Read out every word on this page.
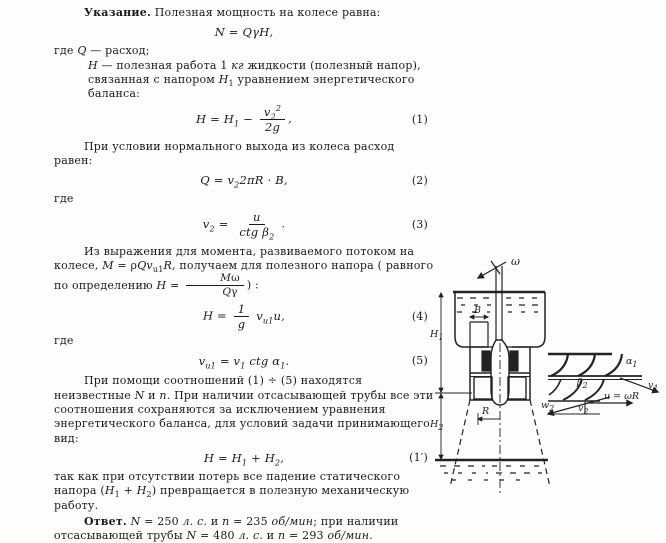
Указание. Полезная мощность на колесе равна:

N = QγH,

где Q — расход;

H — полезная работа 1 кг жидкости (полезный напор), связанная с напором $H_1$ уравнением энергетического баланса:

$H = H_1 - \frac{v_2^2}{2g}$ ,	(1)

При условии нормального выхода из колеса расход равен:

$Q = v_22\pi R \cdot B$,	(2)

где

$v_2 = \frac{u}{ctg \beta_2}$ .	(3)

Из выражения для момента, развиваемого потоком на колесе, M = ρQv$_{u1}$R, получаем для полезного напора ( равного по определению $H = \frac{M\omega}{Q\gamma}$ ) :

$H = \frac{1}{g} v_{u1}u$,	(4)

где

$v_{u1} = v_1$ ctg $\alpha_1$.	(5)

При помощи соотношений (1) ÷ (5) находятся неизвестные N и n. При наличии отсасывающей трубы все эти соотношения сохраняются за исключением уравнения энергетического баланса, для условий задачи принимающего вид:

$H = H_1 + H_2$,	(1′)

так как при отсутствии потерь все падение статического напора $(H_1 + H_2)$ превращается в полезную механическую работу.

Ответ. N = 250 л. с. и n = 235 об/мин; при наличии отсасывающей трубы N = 480 л. с. и n = 293 об/мин.

ω
B
$H_1$
$H_2$
R
$\alpha_1$
$v_1$
$\beta_2$
$w_2$	$v_2$
u = ωR
